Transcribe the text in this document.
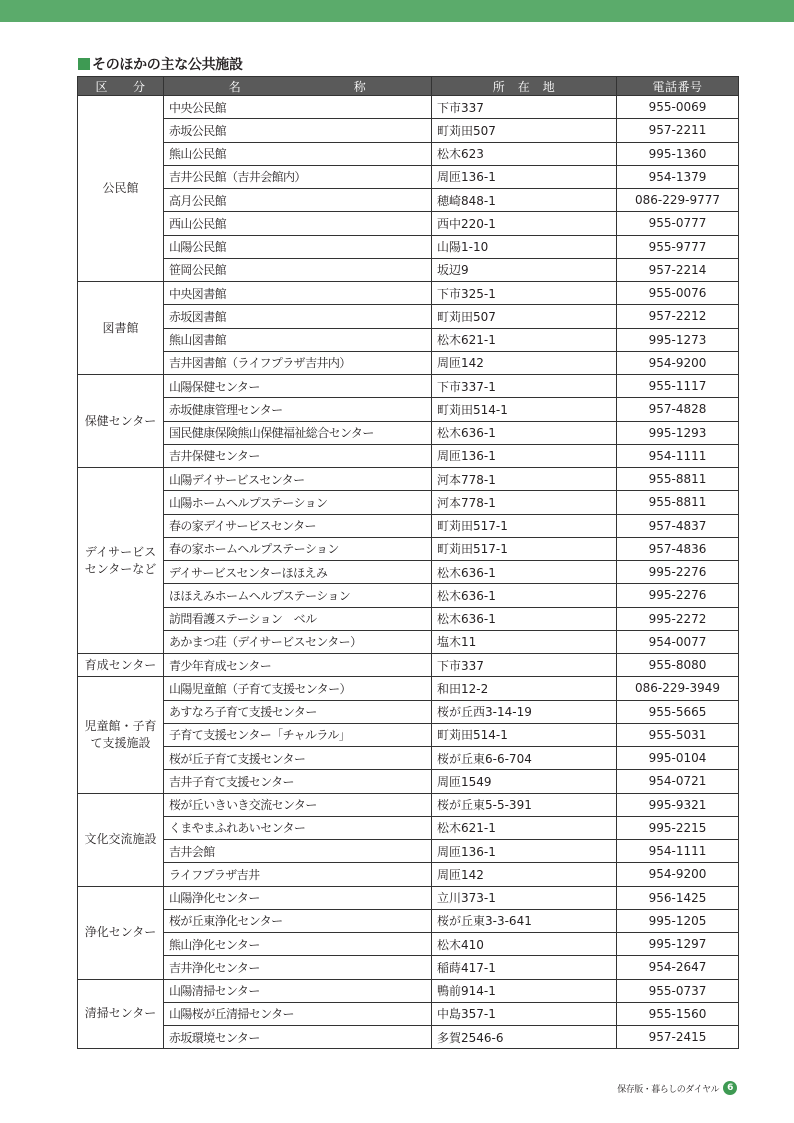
そのほかの主な公共施設
区　　分	名　　　　　　　　　称	所　在　地	電話番号
公民館	中央公民館	下市337	955-0069
	赤坂公民館	町苅田507	957-2211
	熊山公民館	松木623	995-1360
	吉井公民館（吉井会館内）	周匝136-1	954-1379
	高月公民館	穂崎848-1	086-229-9777
	西山公民館	西中220-1	955-0777
	山陽公民館	山陽1-10	955-9777
	笹岡公民館	坂辺9	957-2214
図書館	中央図書館	下市325-1	955-0076
	赤坂図書館	町苅田507	957-2212
	熊山図書館	松木621-1	995-1273
	吉井図書館（ライフプラザ吉井内）	周匝142	954-9200
保健センター	山陽保健センター	下市337-1	955-1117
	赤坂健康管理センター	町苅田514-1	957-4828
	国民健康保険熊山保健福祉総合センター	松木636-1	995-1293
	吉井保健センター	周匝136-1	954-1111
デイサービスセンターなど	山陽デイサービスセンター	河本778-1	955-8811
	山陽ホームヘルプステーション	河本778-1	955-8811
	春の家デイサービスセンター	町苅田517-1	957-4837
	春の家ホームヘルプステーション	町苅田517-1	957-4836
	デイサービスセンターほほえみ	松木636-1	995-2276
	ほほえみホームヘルプステーション	松木636-1	995-2276
	訪問看護ステーション　ベル	松木636-1	995-2272
	あかまつ荘（デイサービスセンター）	塩木11	954-0077
育成センター	青少年育成センター	下市337	955-8080
児童館・子育て支援施設	山陽児童館（子育て支援センター）	和田12-2	086-229-3949
	あすなろ子育て支援センター	桜が丘西3-14-19	955-5665
	子育て支援センター「チャルラル」	町苅田514-1	955-5031
	桜が丘子育て支援センター	桜が丘東6-6-704	995-0104
	吉井子育て支援センター	周匝1549	954-0721
文化交流施設	桜が丘いきいき交流センター	桜が丘東5-5-391	995-9321
	くまやまふれあいセンター	松木621-1	995-2215
	吉井会館	周匝136-1	954-1111
	ライフプラザ吉井	周匝142	954-9200
浄化センター	山陽浄化センター	立川373-1	956-1425
	桜が丘東浄化センター	桜が丘東3-3-641	995-1205
	熊山浄化センター	松木410	995-1297
	吉井浄化センター	稲蒔417-1	954-2647
清掃センター	山陽清掃センター	鴨前914-1	955-0737
	山陽桜が丘清掃センター	中島357-1	955-1560
	赤坂環境センター	多賀2546-6	957-2415
保存版・暮らしのダイヤル 6
